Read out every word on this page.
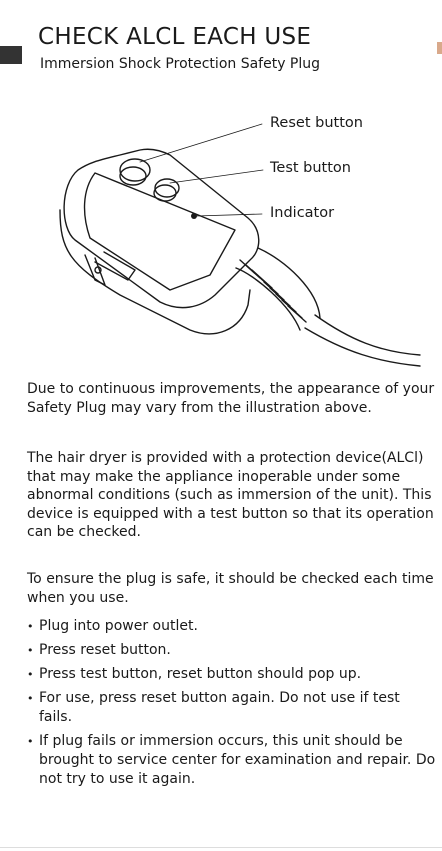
CHECK ALCL EACH USE
Immersion Shock Protection Safety Plug
Reset button
Test button
Indicator

Due to continuous improvements, the appearance of your Safety Plug may vary from the illustration above.

The hair dryer is provided with a protection device(ALCl) that may make the appliance inoperable under some abnormal conditions (such as immersion of the unit). This device is equipped with a test button so that its operation can be checked.

To ensure the plug is safe, it should be checked each time when you use.

• Plug into power outlet.
• Press reset button.
• Press test button, reset button should pop up.
• For use, press reset button again. Do not use if test fails.
• If plug fails or immersion occurs, this unit should be brought to service center for examination and repair. Do not try to use it again.
